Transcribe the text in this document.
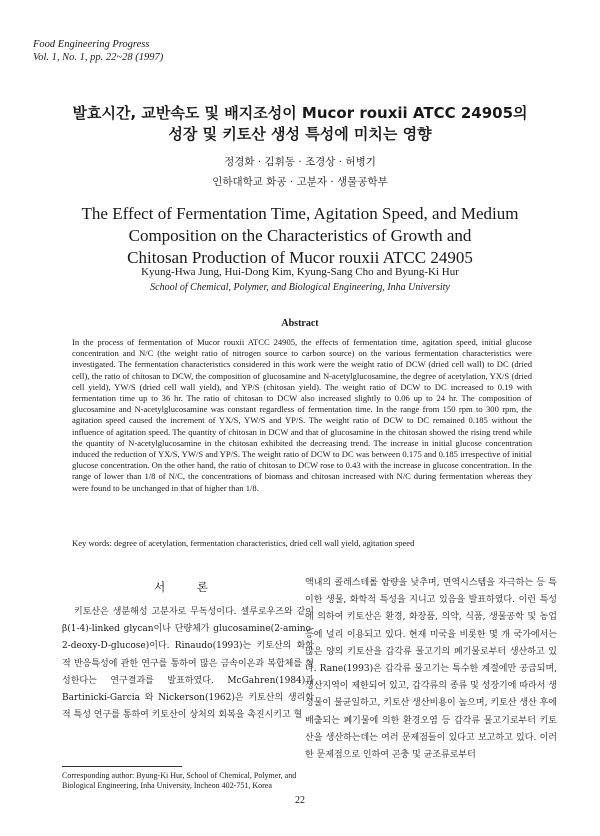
Food Engineering Progress
Vol. 1, No. 1, pp. 22~28 (1997)
발효시간, 교반속도 및 배지조성이 Mucor rouxii ATCC 24905의
성장 및 키토산 생성 특성에 미치는 영향
정경화 · 김휘동 · 조경상 · 허병기
인하대학교 화공 · 고분자 · 생물공학부
The Effect of Fermentation Time, Agitation Speed, and Medium
Composition on the Characteristics of Growth and
Chitosan Production of Mucor rouxii ATCC 24905
Kyung-Hwa Jung, Hui-Dong Kim, Kyung-Sang Cho and Byung-Ki Hur
School of Chemical, Polymer, and Biological Engineering, Inha University
Abstract
In the process of fermentation of Mucor rouxii ATCC 24905, the effects of fermentation time, agitation speed, initial glucose concentration and N/C (the weight ratio of nitrogen source to carbon source) on the various fermentation characteristics were investigated. The fermentation characteristics considered in this work were the weight ratio of DCW (dried cell wall) to DC (dried cell), the ratio of chitosan to DCW, the composition of glucosamine and N-acetylglucosamine, the degree of acetylation, YX/S (dried cell yield), YW/S (dried cell wall yield), and YP/S (chitosan yield). The weight ratio of DCW to DC increased to 0.19 with fermentation time up to 36 hr. The ratio of chitosan to DCW also increased slightly to 0.06 up to 24 hr. The composition of glucosamine and N-acetylglucosamine was constant regardless of fermentation time. In the range from 150 rpm to 300 rpm, the agitation speed caused the increment of YX/S, YW/S and YP/S. The weight ratio of DCW to DC remained 0.185 without the influence of agitation speed. The quantity of chitosan in DCW and that of glucosamine in the chitosan showed the rising trend while the quantity of N-acetylglucosamine in the chitosan exhibited the decreasing trend. The increase in initial glucose concentration induced the reduction of YX/S, YW/S and YP/S. The weight ratio of DCW to DC was between 0.175 and 0.185 irrespective of initial glucose concentration. On the other hand, the ratio of chitosan to DCW rose to 0.43 with the increase in glucose concentration. In the range of lower than 1/8 of N/C, the concentrations of biomass and chitosan increased with N/C during fermentation whereas they were found to be unchanged in that of higher than 1/8.
Key words: degree of acetylation, fermentation characteristics, dried cell wall yield, agitation speed
서 론

키토산은 생분해성 고분자로 무독성이다. 셀루로우즈와 같이 β(1-4)-linked glycan이나 단량체가 glucosamine(2-amino-2-deoxy-D-glucose)이다. Rinaudo(1993)는 키토산의 화학적 반응특성에 관한 연구를 통하여 많은 금속이온과 복합체를 형성한다는 연구결과를 발표하였다. McGahren(1984)과 Bartinicki-Garcia 와 Nickerson(1962)은 키토산의 생리학적 특성 연구를 통하여 키토산이 상처의 회복을 촉진시키고 혈

액내의 콜레스테롤 함량을 낮추며, 면역시스템을 자극하는 등 특이한 생물, 화학적 특성을 지니고 있음을 발표하였다. 이런 특성에 의하여 키토산은 환경, 화장품, 의약, 식품, 생물공학 및 농업 등에 널리 이용되고 있다. 현재 미국을 비롯한 몇 개 국가에서는 많은 양의 키토산을 갑각류 물고기의 폐기물로부터 생산하고 있다. Rane(1993)은 갑각류 물고기는 특수한 계절에만 공급되며, 생산지역이 제한되어 있고, 갑각류의 종류 및 성장기에 따라서 생성물이 불균일하고, 키토산 생산비용이 높으며, 키토산 생산 후에 배출되는 폐기물에 의한 환경오염 등 갑각류 물고기로부터 키토산을 생산하는데는 여러 문제점들이 있다고 보고하고 있다. 이러한 문제점으로 인하여 곤충 및 균조류로부터

Corresponding author: Byung-Ki Hur, School of Chemical, Polymer, and Biological Engineering, Inha University, Incheon 402-751, Korea
22
